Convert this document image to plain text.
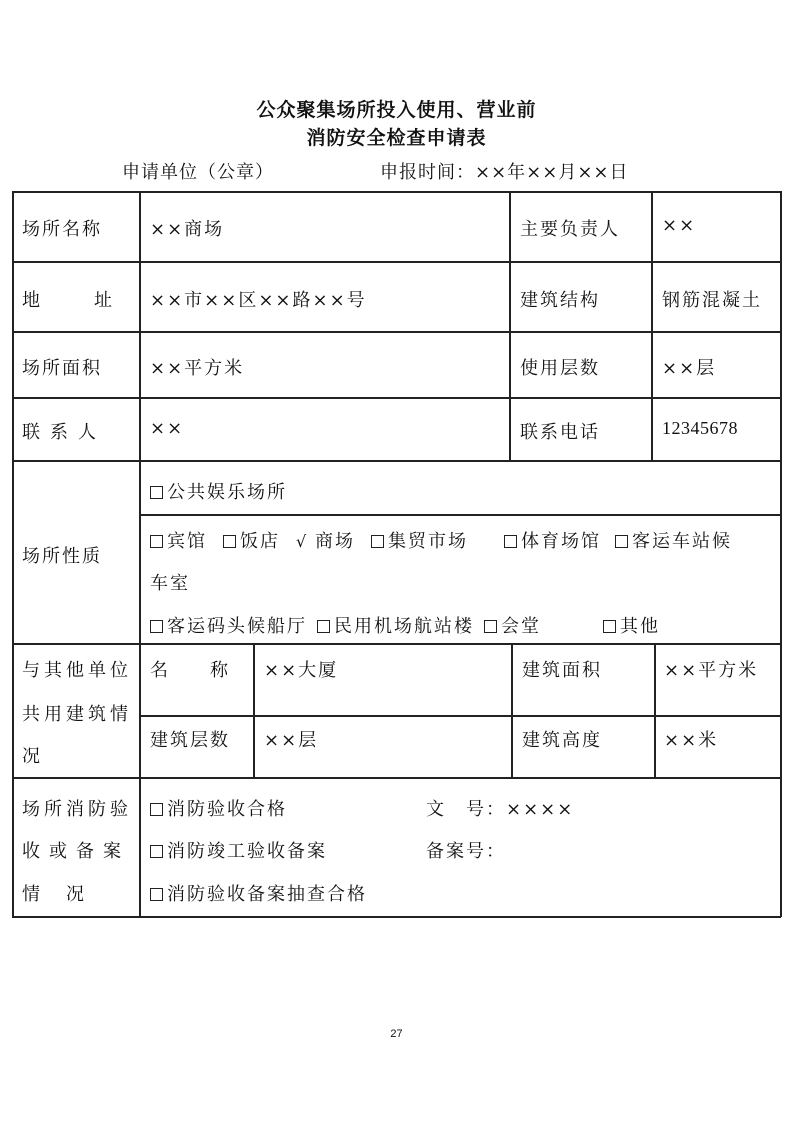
公众聚集场所投入使用、营业前
消防安全检查申请表
申请单位（公章）	申报时间：××年××月××日
场所名称	××商场	主要负责人 ××
地　址 ××市××区××路××号	建筑结构	钢筋混凝土
场所面积	××平方米	使用层数	××层
联系人 ××	联系电话	12345678
场所性质
公共娱乐场所
宾馆 饭店 √ 商场 集贸市场	体育场馆 客运车站候
车室
客运码头候船厅 民用机场航站楼 会堂	其他
与其他单位
共用建筑情
况
名　称 ××大厦	建筑面积	××平方米
建筑层数 ××层	建筑高度	××米
场所消防验
收或备案
情　况
消防验收合格	文　号：××××
消防竣工验收备案	备案号：
消防验收备案抽查合格
27
